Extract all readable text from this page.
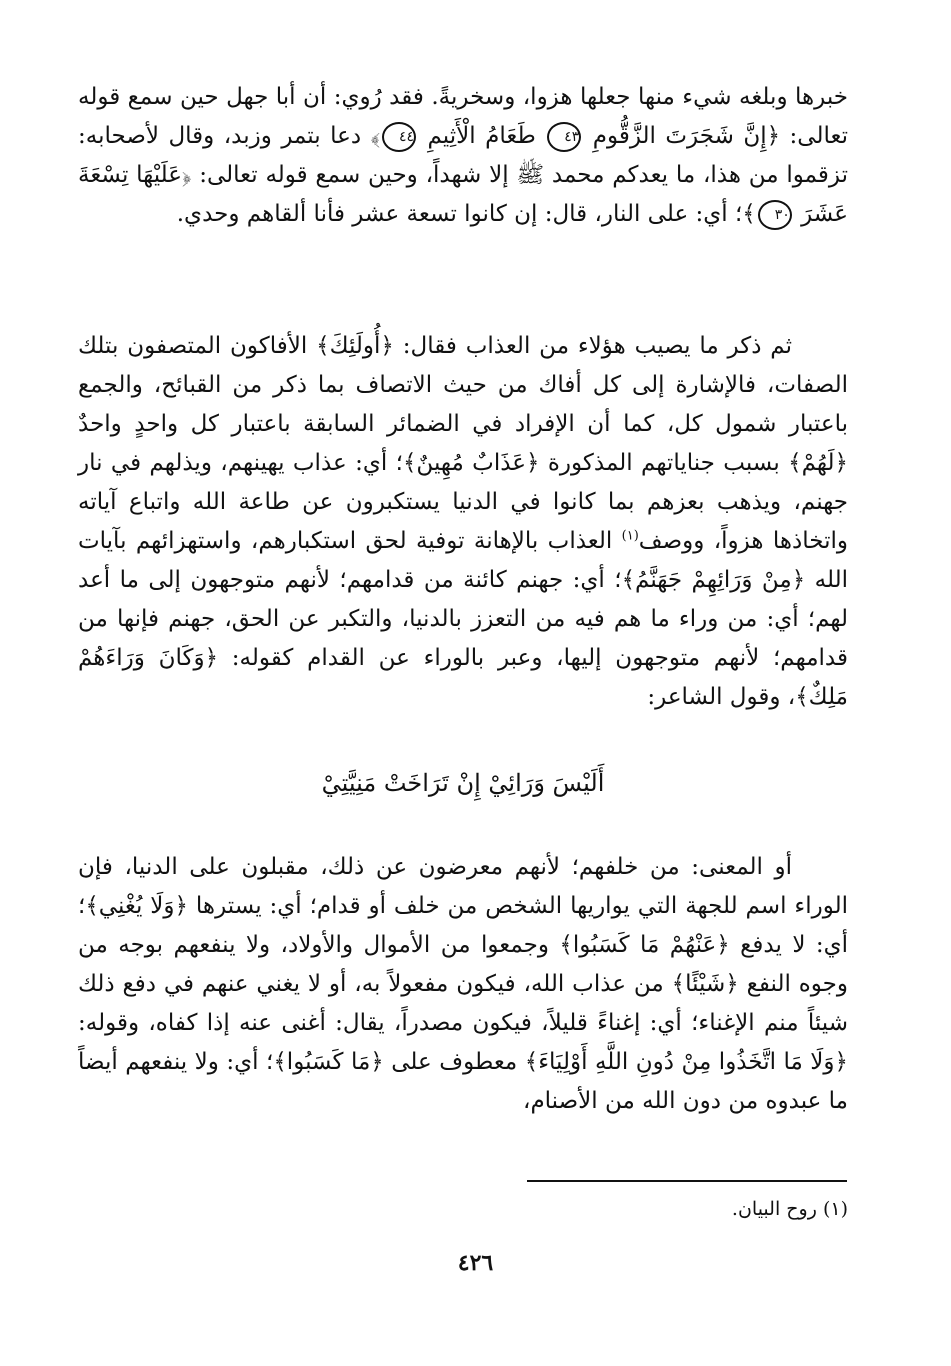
خبرها وبلغه شيء منها جعلها هزوا، وسخريةً. فقد رُوي: أن أبا جهل حين سمع قوله تعالى: ﴿إِنَّ شَجَرَتَ الزَّقُّومِ ٤٣ طَعَامُ الْأَثِيمِ ٤٤﴾ دعا بتمر وزبد، وقال لأصحابه: تزقموا من هذا، ما يعدكم محمد ﷺ إلا شهداً، وحين سمع قوله تعالى: ﴿عَلَيْهَا تِسْعَةَ عَشَرَ ٣٠﴾؛ أي: على النار، قال: إن كانوا تسعة عشر فأنا ألقاهم وحدي.

ثم ذكر ما يصيب هؤلاء من العذاب فقال: ﴿أُولَئِكَ﴾ الأفاكون المتصفون بتلك الصفات، فالإشارة إلى كل أفاك من حيث الاتصاف بما ذكر من القبائح، والجمع باعتبار شمول كل، كما أن الإفراد في الضمائر السابقة باعتبار كل واحدٍ واحدٌ ﴿لَهُمْ﴾ بسبب جناياتهم المذكورة ﴿عَذَابٌ مُهِينٌ﴾؛ أي: عذاب يهينهم، ويذلهم في نار جهنم، ويذهب بعزهم بما كانوا في الدنيا يستكبرون عن طاعة الله واتباع آياته واتخاذها هزواً، ووصف$^{(١)}$ العذاب بالإهانة توفية لحق استكبارهم، واستهزائهم بآيات الله ﴿مِنْ وَرَائِهِمْ جَهَنَّمُ﴾؛ أي: جهنم كائنة من قدامهم؛ لأنهم متوجهون إلى ما أعد لهم؛ أي: من وراء ما هم فيه من التعزز بالدنيا، والتكبر عن الحق، جهنم فإنها من قدامهم؛ لأنهم متوجهون إليها، وعبر بالوراء عن القدام كقوله: ﴿وَكَانَ وَرَاءَهُمْ مَلِكٌ﴾، وقول الشاعر:

أَلَيْسَ وَرَائِيْ إِنْ تَرَاخَتْ مَنِيَّتِيْ

أو المعنى: من خلفهم؛ لأنهم معرضون عن ذلك، مقبلون على الدنيا، فإن الوراء اسم للجهة التي يواريها الشخص من خلف أو قدام؛ أي: يسترها ﴿وَلَا يُغْنِي﴾؛ أي: لا يدفع ﴿عَنْهُمْ مَا كَسَبُوا﴾ وجمعوا من الأموال والأولاد، ولا ينفعهم بوجه من وجوه النفع ﴿شَيْئًا﴾ من عذاب الله، فيكون مفعولاً به، أو لا يغني عنهم في دفع ذلك شيئاً منم الإغناء؛ أي: إغناءً قليلاً، فيكون مصدراً، يقال: أغنى عنه إذا كفاه، وقوله: ﴿وَلَا مَا اتَّخَذُوا مِنْ دُونِ اللَّهِ أَوْلِيَاءَ﴾ معطوف على ﴿مَا كَسَبُوا﴾؛ أي: ولا ينفعهم أيضاً ما عبدوه من دون الله من الأصنام،

(١) روح البيان.
٤٢٦
